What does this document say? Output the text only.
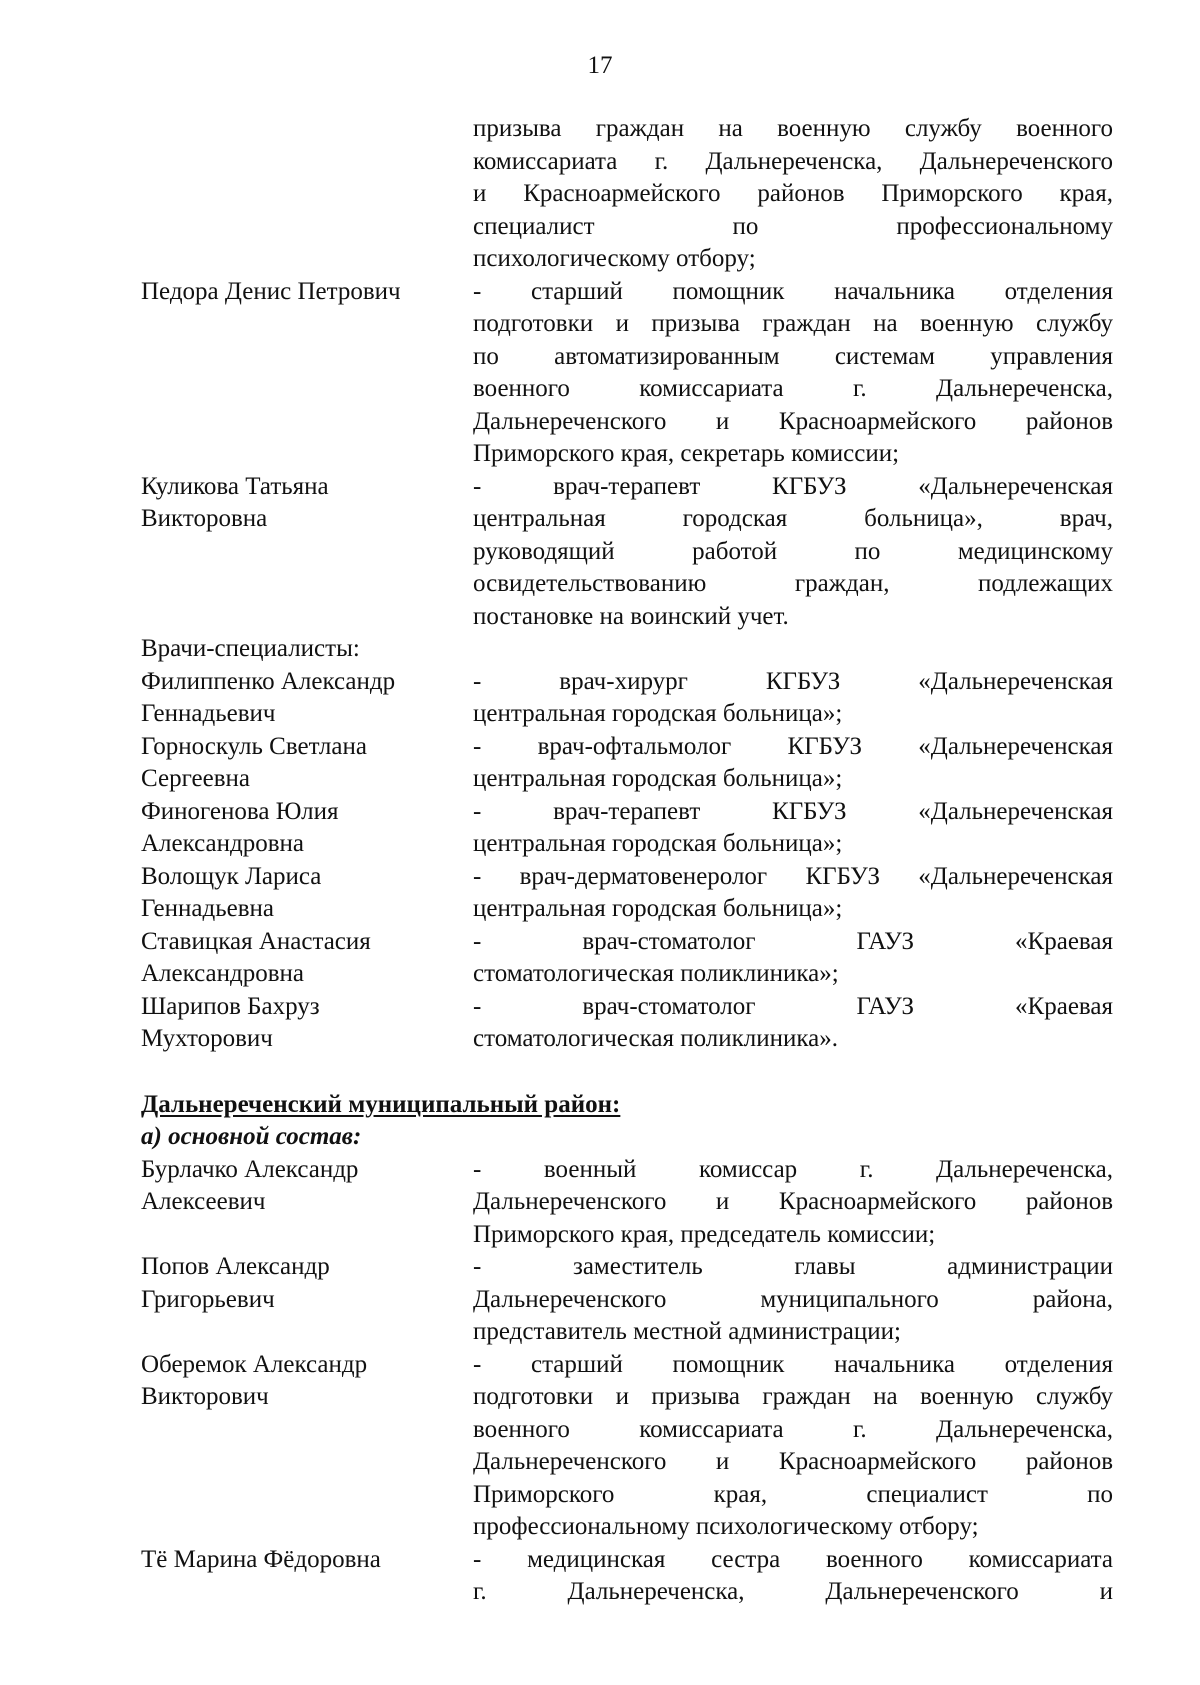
17
призыва граждан на военную службу военного
комиссариата г. Дальнереченска, Дальнереченского
и Красноармейского районов Приморского края,
специалист по профессиональному
психологическому отбору;
Педора Денис Петрович	- старший помощник начальника отделения
подготовки и призыва граждан на военную службу
по автоматизированным системам управления
военного комиссариата г. Дальнереченска,
Дальнереченского и Красноармейского районов
Приморского края, секретарь комиссии;
Куликова Татьяна
Викторовна
- врач-терапевт КГБУЗ «Дальнереченская
центральная городская больница», врач,
руководящий работой по медицинскому
освидетельствованию граждан, подлежащих
постановке на воинский учет.
Врачи-специалисты:
Филиппенко Александр
Геннадьевич
- врач-хирург КГБУЗ «Дальнереченская
центральная городская больница»;
Горноскуль Светлана
Сергеевна
- врач-офтальмолог КГБУЗ «Дальнереченская
центральная городская больница»;
Финогенова Юлия
Александровна
- врач-терапевт КГБУЗ «Дальнереченская
центральная городская больница»;
Волощук Лариса
Геннадьевна
- врач-дерматовенеролог КГБУЗ «Дальнереченская
центральная городская больница»;
Ставицкая Анастасия
Александровна
- врач-стоматолог ГАУЗ «Краевая
стоматологическая поликлиника»;
Шарипов Бахруз
Мухторович
- врач-стоматолог ГАУЗ «Краевая
стоматологическая поликлиника».
Дальнереченский муниципальный район:
а) основной состав:
Бурлачко Александр
Алексеевич
- военный комиссар г. Дальнереченска,
Дальнереченского и Красноармейского районов
Приморского края, председатель комиссии;
Попов Александр
Григорьевич
- заместитель главы администрации
Дальнереченского муниципального района,
представитель местной администрации;
Оберемок Александр
Викторович
- старший помощник начальника отделения
подготовки и призыва граждан на военную службу
военного комиссариата г. Дальнереченска,
Дальнереченского и Красноармейского районов
Приморского края, специалист по
профессиональному психологическому отбору;
Тё Марина Фёдоровна	- медицинская сестра военного комиссариата
г. Дальнереченска, Дальнереченского и
